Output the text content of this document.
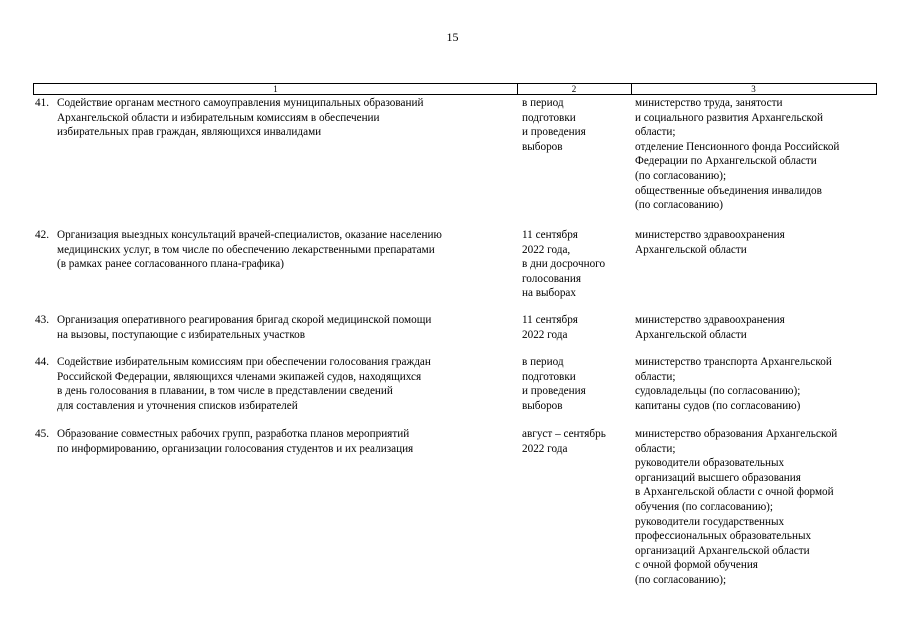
15
1	2	3
41. Содействие органам местного самоуправления муниципальных образований
Архангельской области и избирательным комиссиям в обеспечении
избирательных прав граждан, являющихся инвалидами
в период
подготовки
и проведения
выборов
министерство труда, занятости
и социального развития Архангельской
области;
отделение Пенсионного фонда Российской
Федерации по Архангельской области
(по согласованию);
общественные объединения инвалидов
(по согласованию)
42. Организация выездных консультаций врачей-специалистов, оказание населению
медицинских услуг, в том числе по обеспечению лекарственными препаратами
(в рамках ранее согласованного плана-графика)
11 сентября
2022 года,
в дни досрочного
голосования
на выборах
министерство здравоохранения
Архангельской области
43. Организация оперативного реагирования бригад скорой медицинской помощи
на вызовы, поступающие с избирательных участков
11 сентября
2022 года
министерство здравоохранения
Архангельской области
44. Содействие избирательным комиссиям при обеспечении голосования граждан
Российской Федерации, являющихся членами экипажей судов, находящихся
в день голосования в плавании, в том числе в представлении сведений
для составления и уточнения списков избирателей
в период
подготовки
и проведения
выборов
министерство транспорта Архангельской
области;
судовладельцы (по согласованию);
капитаны судов (по согласованию)
45. Образование совместных рабочих групп, разработка планов мероприятий
по информированию, организации голосования студентов и их реализация
август – сентябрь
2022 года
министерство образования Архангельской
области;
руководители образовательных
организаций высшего образования
в Архангельской области с очной формой
обучения (по согласованию);
руководители государственных
профессиональных образовательных
организаций Архангельской области
с очной формой обучения
(по согласованию);
